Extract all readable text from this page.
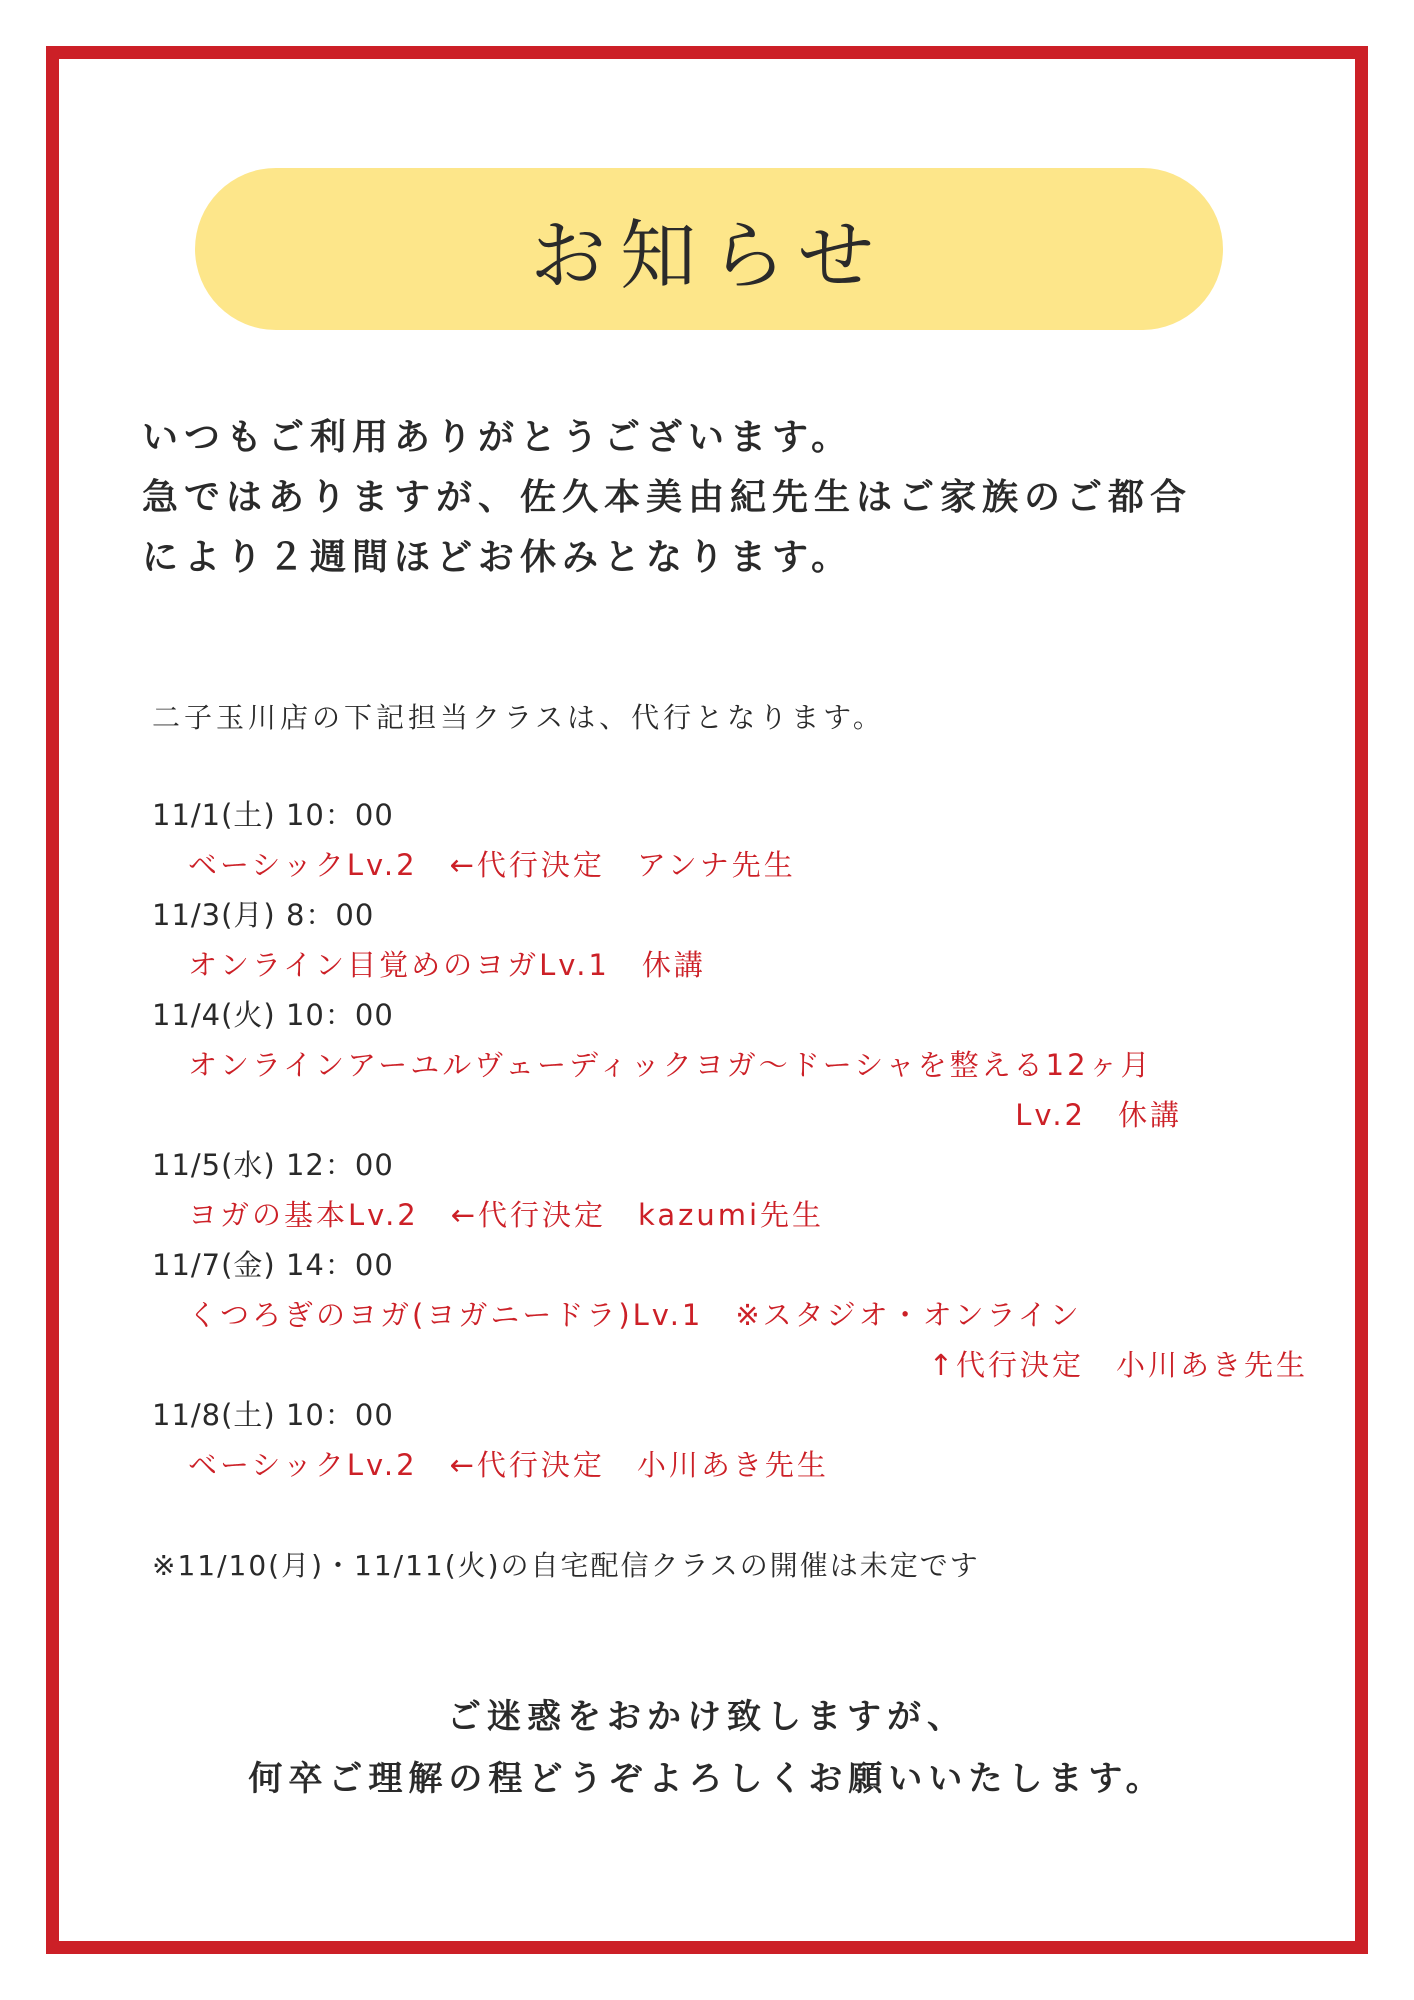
お知らせ
いつもご利用ありがとうございます。
急ではありますが、佐久本美由紀先生はご家族のご都合
により２週間ほどお休みとなります。
二子玉川店の下記担当クラスは、代行となります。
11/1(土) 10：00
ベーシックLv.2　←代行決定　アンナ先生
11/3(月) 8：00
オンライン目覚めのヨガLv.1　休講
11/4(火) 10：00
オンラインアーユルヴェーディックヨガ～ドーシャを整える12ヶ月
Lv.2　休講
11/5(水) 12：00
ヨガの基本Lv.2　←代行決定　kazumi先生
11/7(金) 14：00
くつろぎのヨガ(ヨガニードラ)Lv.1　※スタジオ・オンライン
↑代行決定　小川あき先生
11/8(土) 10：00
ベーシックLv.2　←代行決定　小川あき先生
※11/10(月)・11/11(火)の自宅配信クラスの開催は未定です
ご迷惑をおかけ致しますが、
何卒ご理解の程どうぞよろしくお願いいたします。
